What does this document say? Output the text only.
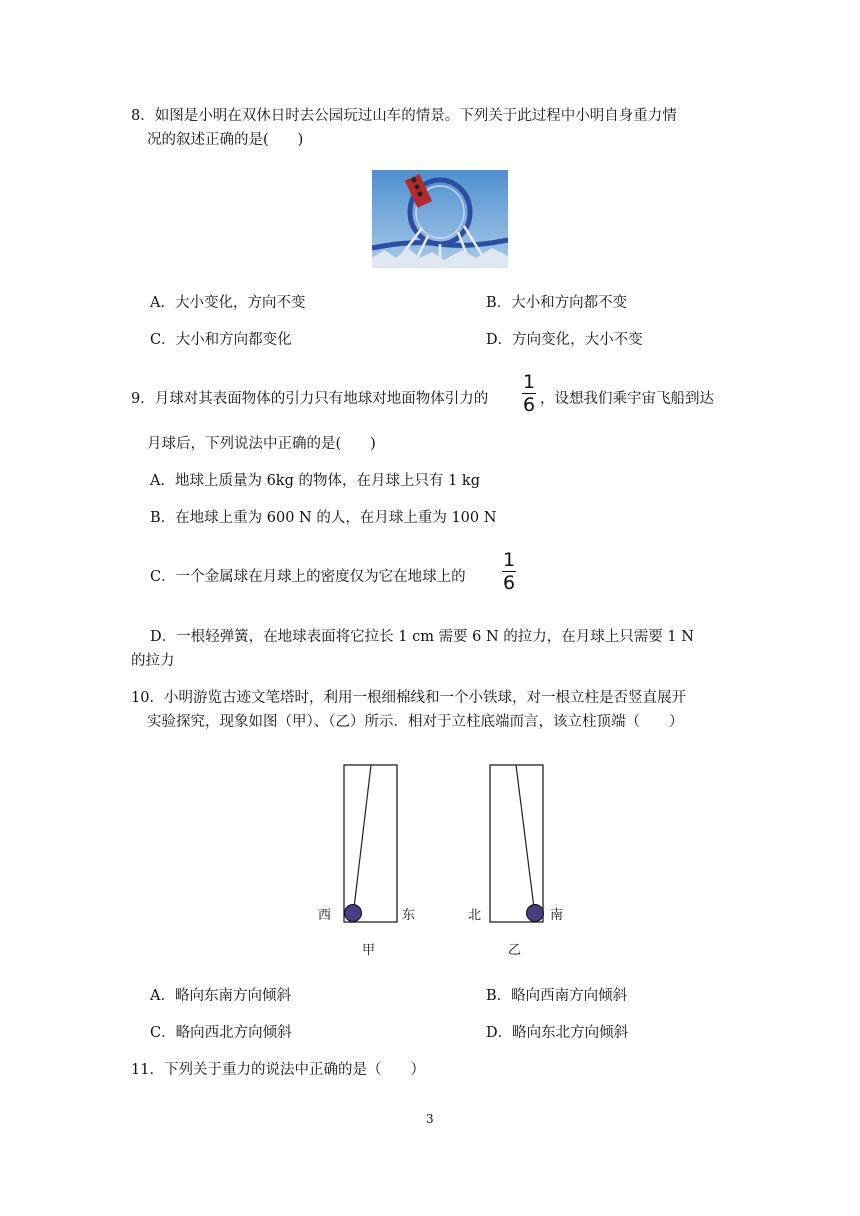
8．如图是小明在双休日时去公园玩过山车的情景。下列关于此过程中小明自身重力情
况的叙述正确的是(　　)
A．大小变化，方向不变	B．大小和方向都不变
C．大小和方向都变化	D．方向变化，大小不变
9．月球对其表面物体的引力只有地球对地面物体引力的
1
6 ，设想我们乘宇宙飞船到达
月球后，下列说法中正确的是(　　)
A．地球上质量为 6kg 的物体，在月球上只有 1 kg
B．在地球上重为 600 N 的人，在月球上重为 100 N
C．一个金属球在月球上的密度仅为它在地球上的
1
6
D．一根轻弹簧，在地球表面将它拉长 1 cm 需要 6 N 的拉力，在月球上只需要 1 N
的拉力
10．小明游览古迹文笔塔时，利用一根细棉线和一个小铁球，对一根立柱是否竖直展开
实验探究，现象如图（甲）、（乙）所示．相对于立柱底端而言，该立柱顶端（　　）
西	东
甲
北	南
乙
A．略向东南方向倾斜	B．略向西南方向倾斜
C．略向西北方向倾斜	D．略向东北方向倾斜
11．下列关于重力的说法中正确的是（　　）
3
